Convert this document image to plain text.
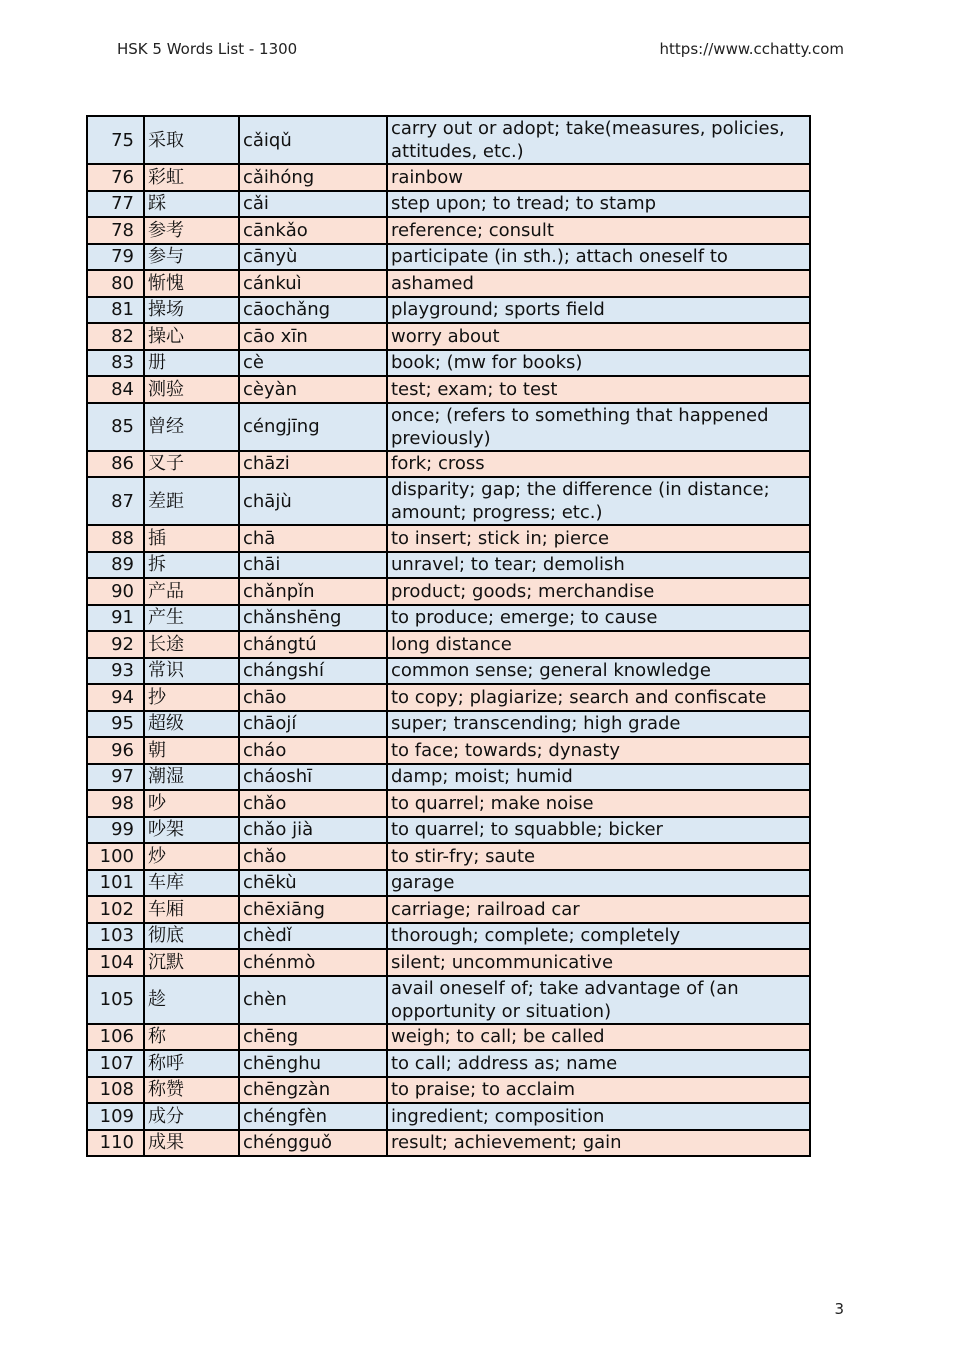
HSK 5 Words List - 1300	https://www.cchatty.com
75	采取	cǎiqǔ	carry out or adopt; take(measures, policies, attitudes, etc.)
76	彩虹	cǎihóng	rainbow
77	踩	cǎi	step upon; to tread; to stamp
78	参考	cānkǎo	reference; consult
79	参与	cānyù	participate (in sth.); attach oneself to
80	惭愧	cánkuì	ashamed
81	操场	cāochǎng	playground; sports field
82	操心	cāo xīn	worry about
83	册	cè	book; (mw for books)
84	测验	cèyàn	test; exam; to test
85	曾经	céngjīng	once; (refers to something that happened previously)
86	叉子	chāzi	fork; cross
87	差距	chājù	disparity; gap; the difference (in distance; amount; progress; etc.)
88	插	chā	to insert; stick in; pierce
89	拆	chāi	unravel; to tear; demolish
90	产品	chǎnpǐn	product; goods; merchandise
91	产生	chǎnshēng	to produce; emerge; to cause
92	长途	chángtú	long distance
93	常识	chángshí	common sense; general knowledge
94	抄	chāo	to copy; plagiarize; search and confiscate
95	超级	chāojí	super; transcending; high grade
96	朝	cháo	to face; towards; dynasty
97	潮湿	cháoshī	damp; moist; humid
98	吵	chǎo	to quarrel; make noise
99	吵架	chǎo jià	to quarrel; to squabble; bicker
100	炒	chǎo	to stir-fry; saute
101	车库	chēkù	garage
102	车厢	chēxiāng	carriage; railroad car
103	彻底	chèdǐ	thorough; complete; completely
104	沉默	chénmò	silent; uncommunicative
105	趁	chèn	avail oneself of; take advantage of (an opportunity or situation)
106	称	chēng	weigh; to call; be called
107	称呼	chēnghu	to call; address as; name
108	称赞	chēngzàn	to praise; to acclaim
109	成分	chéngfèn	ingredient; composition
110	成果	chéngguǒ	result; achievement; gain
3
